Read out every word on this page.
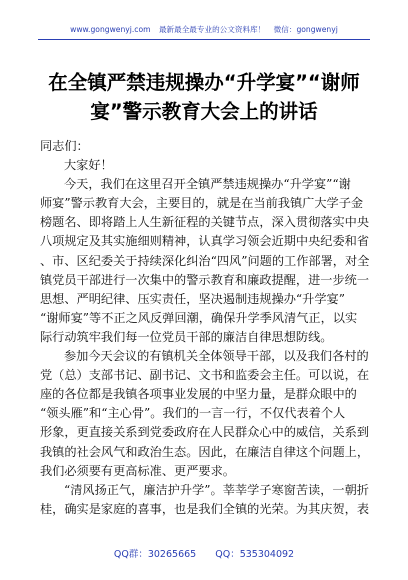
www.gongwenyj.com 最新最全最专业的公文资料库！ 微信：gongwenyj
在全镇严禁违规操办“升学宴”“谢师
宴”警示教育大会上的讲话
同志们：
大家好！
今天，我们在这里召开全镇严禁违规操办“升学宴”“谢
师宴”警示教育大会，主要目的，就是在当前我镇广大学子金
榜题名、即将踏上人生新征程的关键节点，深入贯彻落实中央
八项规定及其实施细则精神，认真学习领会近期中央纪委和省
、市、区纪委关于持续深化纠治“四风”问题的工作部署，对全
镇党员干部进行一次集中的警示教育和廉政提醒，进一步统一
思想、严明纪律、压实责任，坚决遏制违规操办“升学宴”
“谢师宴”等不正之风反弹回潮，确保升学季风清气正，以实
际行动筑牢我们每一位党员干部的廉洁自律思想防线。
参加今天会议的有镇机关全体领导干部，以及我们各村的
党（总）支部书记、副书记、文书和监委会主任。可以说，在
座的各位都是我镇各项事业发展的中坚力量，是群众眼中的
“领头雁”和“主心骨”。我们的一言一行，不仅代表着个人
形象，更直接关系到党委政府在人民群众心中的威信，关系到
我镇的社会风气和政治生态。因此，在廉洁自律这个问题上，
我们必须要有更高标准、更严要求。
“清风扬正气，廉洁护升学”。莘莘学子寒窗苦读，一朝折
桂，确实是家庭的喜事，也是我们全镇的光荣。为其庆贺，表
QQ群：30265665 QQ：535304092
